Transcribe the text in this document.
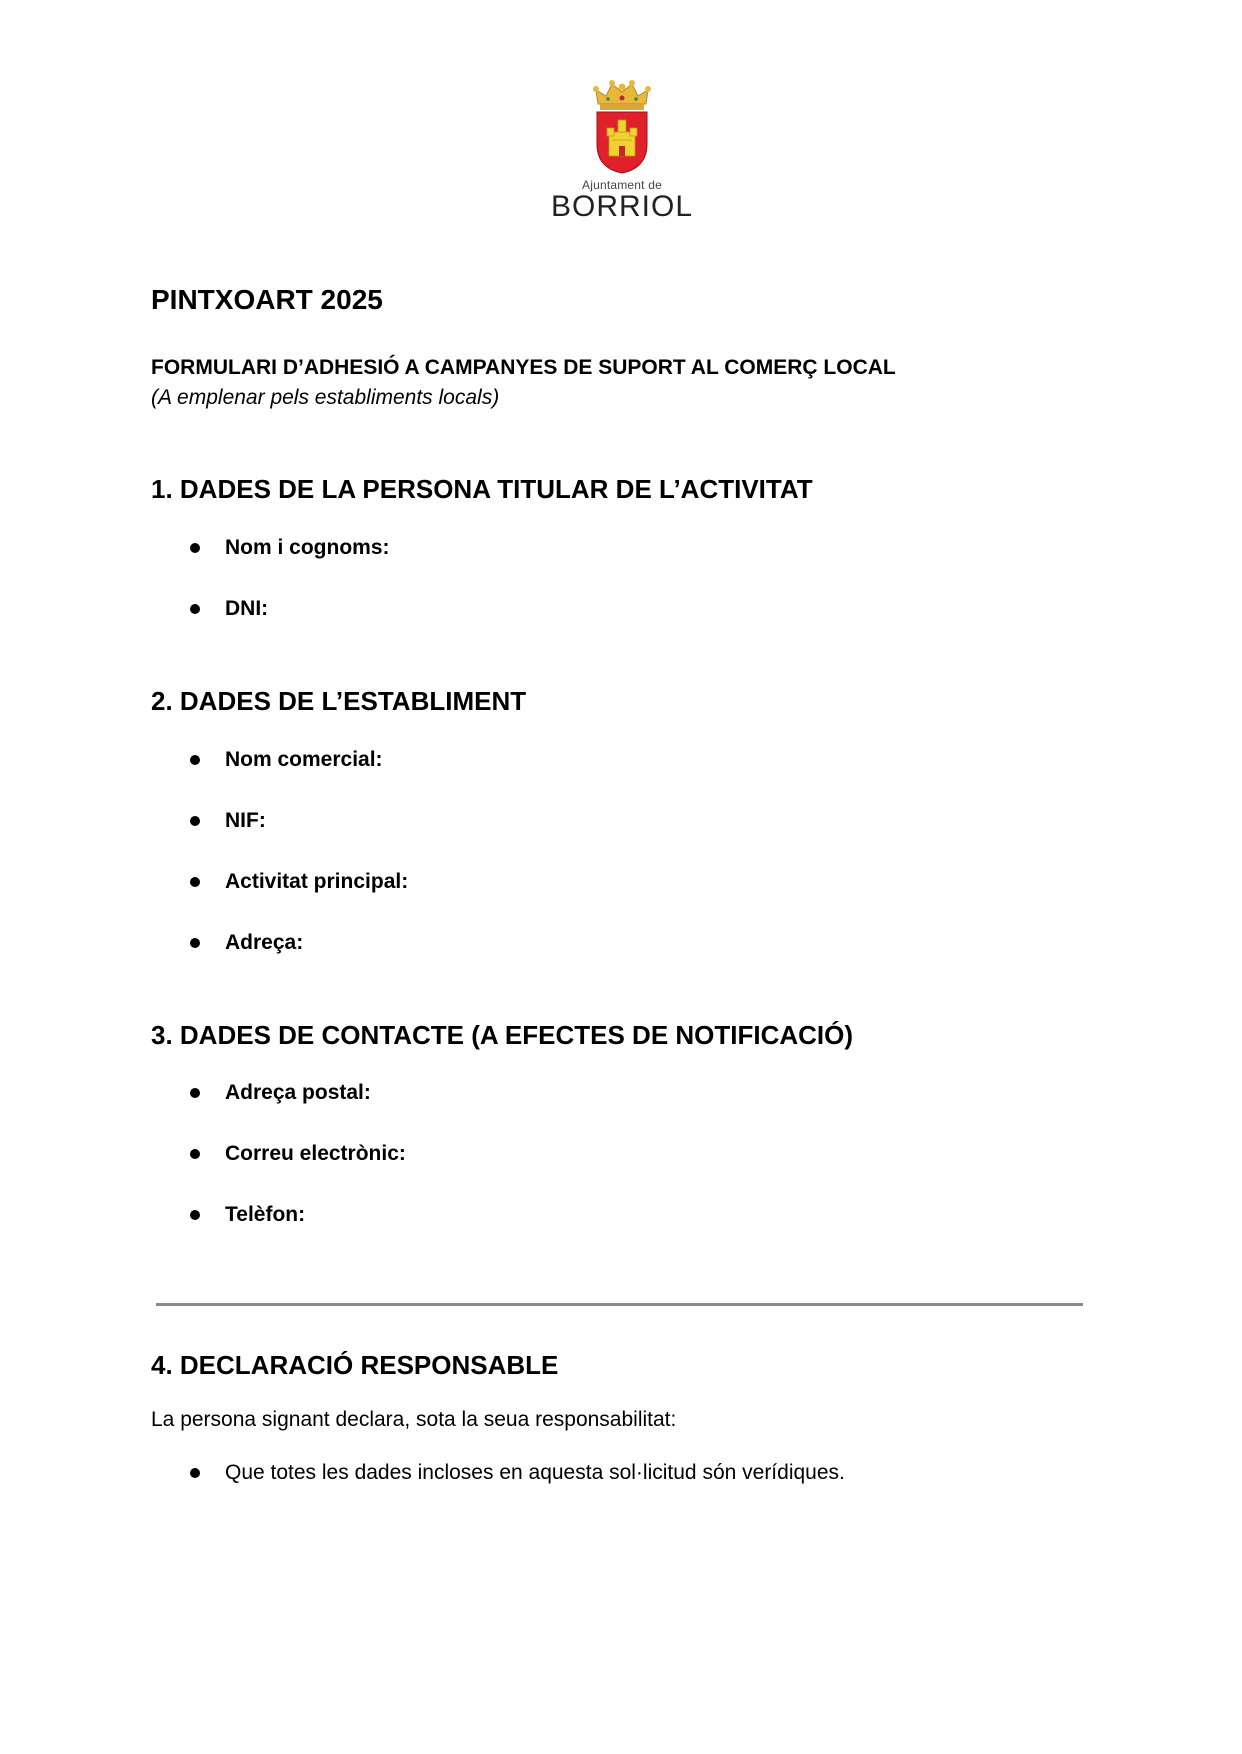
Ajuntament de
BORRIOL
PINTXOART 2025

FORMULARI D’ADHESIÓ A CAMPANYES DE SUPORT AL COMERÇ LOCAL

(A emplenar pels establiments locals)

1. DADES DE LA PERSONA TITULAR DE L’ACTIVITAT
Nom i cognoms:
DNI:
2. DADES DE L’ESTABLIMENT
Nom comercial:
NIF:
Activitat principal:
Adreça:
3. DADES DE CONTACTE (A EFECTES DE NOTIFICACIÓ)
Adreça postal:
Correu electrònic:
Telèfon:
4. DECLARACIÓ RESPONSABLE

La persona signant declara, sota la seua responsabilitat:

Que totes les dades incloses en aquesta sol·licitud són verídiques.
